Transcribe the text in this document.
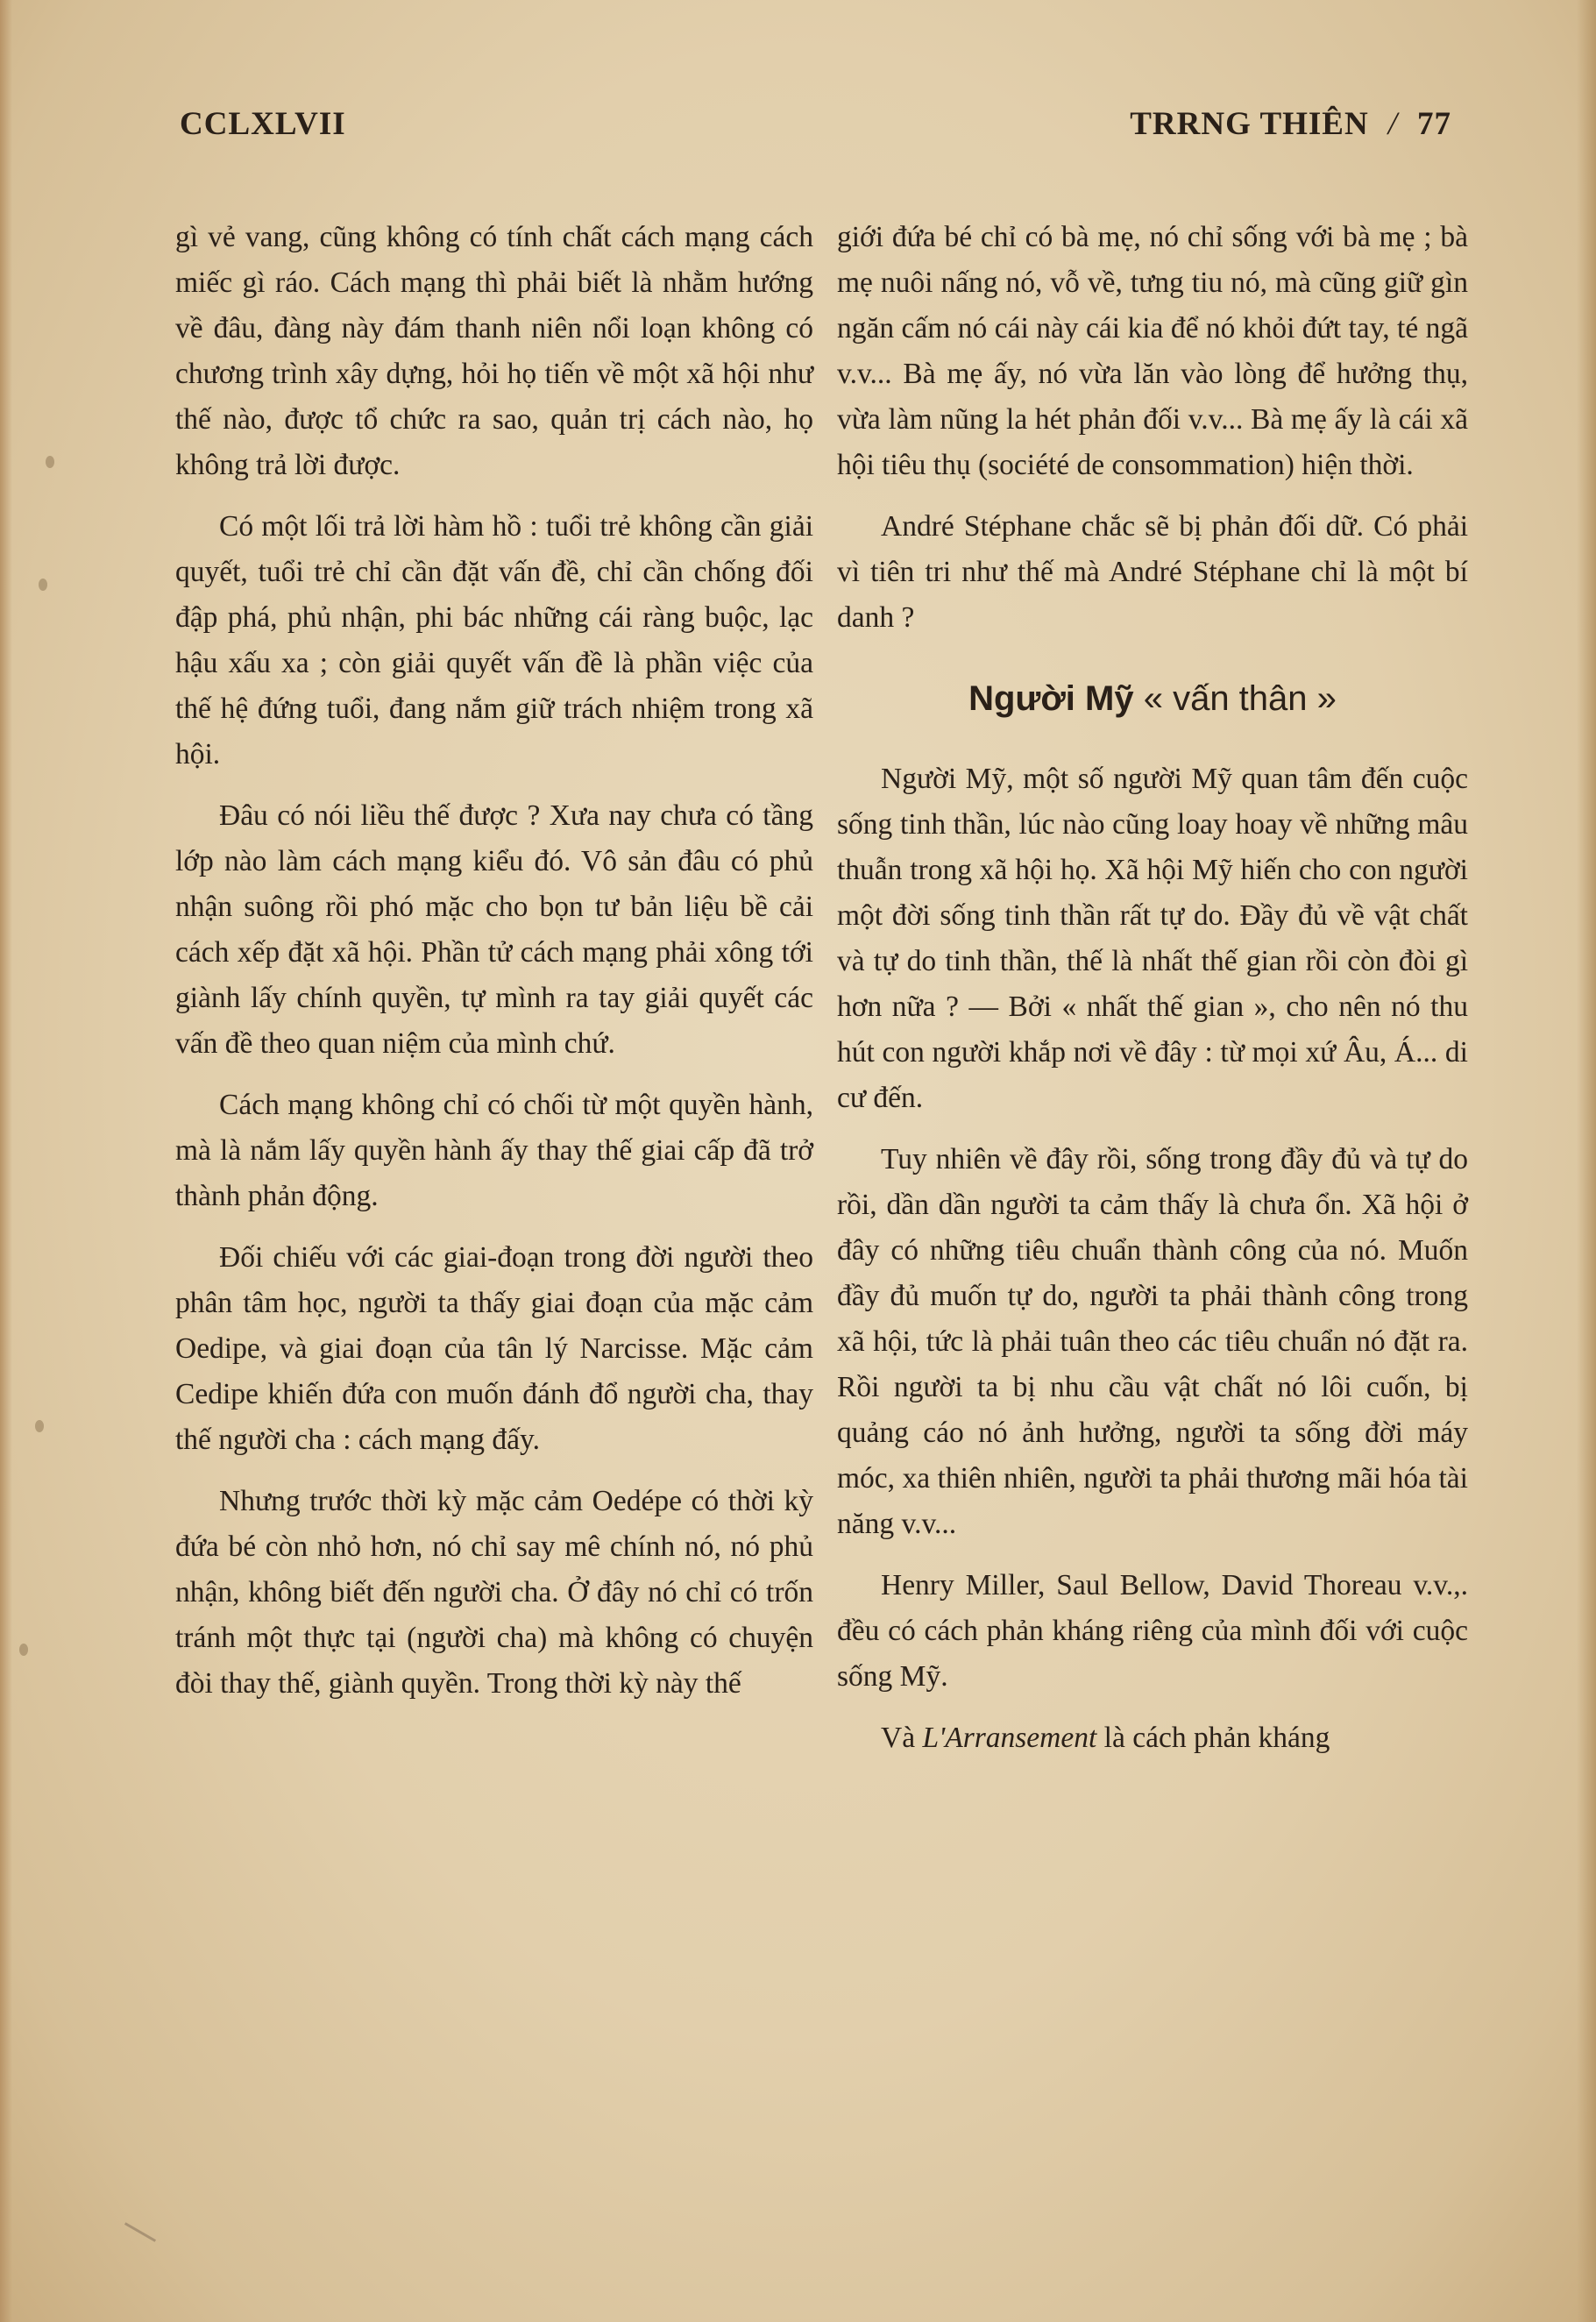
CCLXLVII	TRRNG THIÊN / 77

gì vẻ vang, cũng không có tính chất cách mạng cách miếc gì ráo. Cách mạng thì phải biết là nhằm hướng về đâu, đàng này đám thanh niên nổi loạn không có chương trình xây dựng, hỏi họ tiến về một xã hội như thế nào, được tổ chức ra sao, quản trị cách nào, họ không trả lời được.

Có một lối trả lời hàm hồ : tuổi trẻ không cần giải quyết, tuổi trẻ chỉ cần đặt vấn đề, chỉ cần chống đối đập phá, phủ nhận, phi bác những cái ràng buộc, lạc hậu xấu xa ; còn giải quyết vấn đề là phần việc của thế hệ đứng tuổi, đang nắm giữ trách nhiệm trong xã hội.

Đâu có nói liều thế được ? Xưa nay chưa có tầng lớp nào làm cách mạng kiểu đó. Vô sản đâu có phủ nhận suông rồi phó mặc cho bọn tư bản liệu bề cải cách xếp đặt xã hội. Phần tử cách mạng phải xông tới giành lấy chính quyền, tự mình ra tay giải quyết các vấn đề theo quan niệm của mình chứ.

Cách mạng không chỉ có chối từ một quyền hành, mà là nắm lấy quyền hành ấy thay thế giai cấp đã trở thành phản động.

Đối chiếu với các giai-đoạn trong đời người theo phân tâm học, người ta thấy giai đoạn của mặc cảm Oedipe, và giai đoạn của tân lý Narcisse. Mặc cảm Cedipe khiến đứa con muốn đánh đổ người cha, thay thế người cha : cách mạng đấy.

Nhưng trước thời kỳ mặc cảm Oedépe có thời kỳ đứa bé còn nhỏ hơn, nó chỉ say mê chính nó, nó phủ nhận, không biết đến người cha. Ở đây nó chỉ có trốn tránh một thực tại (người cha) mà không có chuyện đòi thay thế, giành quyền. Trong thời kỳ này thế

giới đứa bé chỉ có bà mẹ, nó chỉ sống với bà mẹ ; bà mẹ nuôi nấng nó, vỗ về, tưng tiu nó, mà cũng giữ gìn ngăn cấm nó cái này cái kia để nó khỏi đứt tay, té ngã v.v... Bà mẹ ấy, nó vừa lăn vào lòng để hưởng thụ, vừa làm nũng la hét phản đối v.v... Bà mẹ ấy là cái xã hội tiêu thụ (société de consommation) hiện thời.

André Stéphane chắc sẽ bị phản đối dữ. Có phải vì tiên tri như thế mà André Stéphane chỉ là một bí danh ?

Người Mỹ « vấn thân »

Người Mỹ, một số người Mỹ quan tâm đến cuộc sống tinh thần, lúc nào cũng loay hoay về những mâu thuẫn trong xã hội họ. Xã hội Mỹ hiến cho con người một đời sống tinh thần rất tự do. Đầy đủ về vật chất và tự do tinh thần, thế là nhất thế gian rồi còn đòi gì hơn nữa ? — Bởi « nhất thế gian », cho nên nó thu hút con người khắp nơi về đây : từ mọi xứ Âu, Á... di cư đến.

Tuy nhiên về đây rồi, sống trong đầy đủ và tự do rồi, dần dần người ta cảm thấy là chưa ổn. Xã hội ở đây có những tiêu chuẩn thành công của nó. Muốn đầy đủ muốn tự do, người ta phải thành công trong xã hội, tức là phải tuân theo các tiêu chuẩn nó đặt ra. Rồi người ta bị nhu cầu vật chất nó lôi cuốn, bị quảng cáo nó ảnh hưởng, người ta sống đời máy móc, xa thiên nhiên, người ta phải thương mãi hóa tài năng v.v...

Henry Miller, Saul Bellow, David Thoreau v.v.,. đều có cách phản kháng riêng của mình đối với cuộc sống Mỹ.

Và L'Arransement là cách phản kháng
